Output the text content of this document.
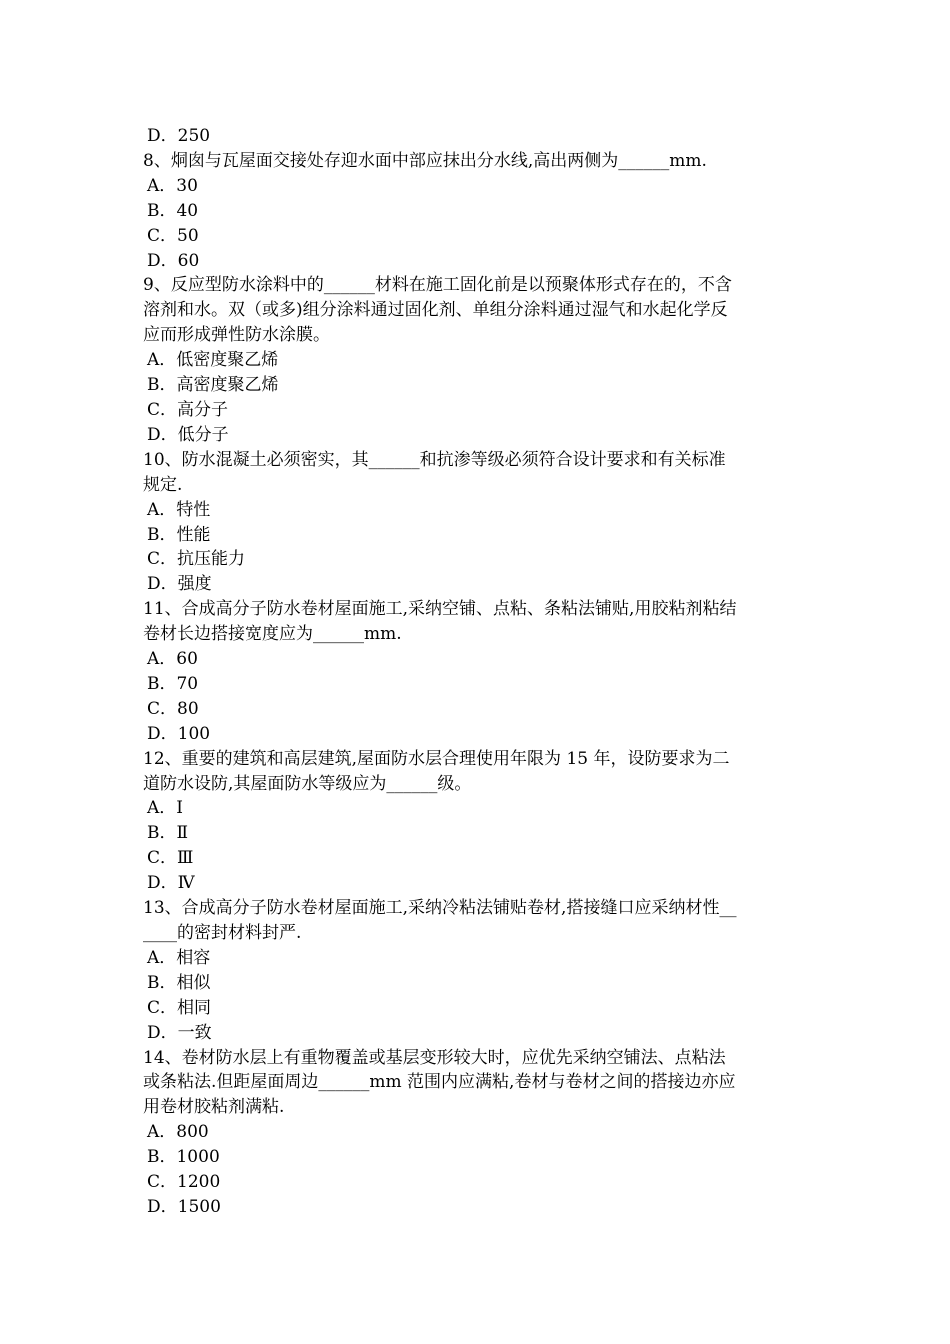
D．250
8、烔囱与瓦屋面交接处存迎水面中部应抹出分水线,高出两侧为______mm.
A．30
B．40
C．50
D．60
9、反应型防水涂料中的______材料在施工固化前是以预聚体形式存在的，不含
溶剂和水。双（或多)组分涂料通过固化剂、单组分涂料通过湿气和水起化学反
应而形成弹性防水涂膜。
A．低密度聚乙烯
B．高密度聚乙烯
C．高分子
D．低分子
10、防水混凝土必须密实，其______和抗渗等级必须符合设计要求和有关标准
规定.
A．特性
B．性能
C．抗压能力
D．强度
11、合成高分子防水卷材屋面施工,采纳空铺、点粘、条粘法铺贴,用胶粘剂粘结
卷材长边搭接宽度应为______mm.
A．60
B．70
C．80
D．100
12、重要的建筑和高层建筑,屋面防水层合理使用年限为 15 年，设防要求为二
道防水设防,其屋面防水等级应为______级。
A．Ⅰ
B．Ⅱ
C．Ⅲ
D．Ⅳ
13、合成高分子防水卷材屋面施工,采纳冷粘法铺贴卷材,搭接缝口应采纳材性__
____的密封材料封严.
A．相容
B．相似
C．相同
D．一致
14、卷材防水层上有重物覆盖或基层变形较大时，应优先采纳空铺法、点粘法
或条粘法.但距屋面周边______mm 范围内应满粘,卷材与卷材之间的搭接边亦应
用卷材胶粘剂满粘.
A．800
B．1000
C．1200
D．1500
